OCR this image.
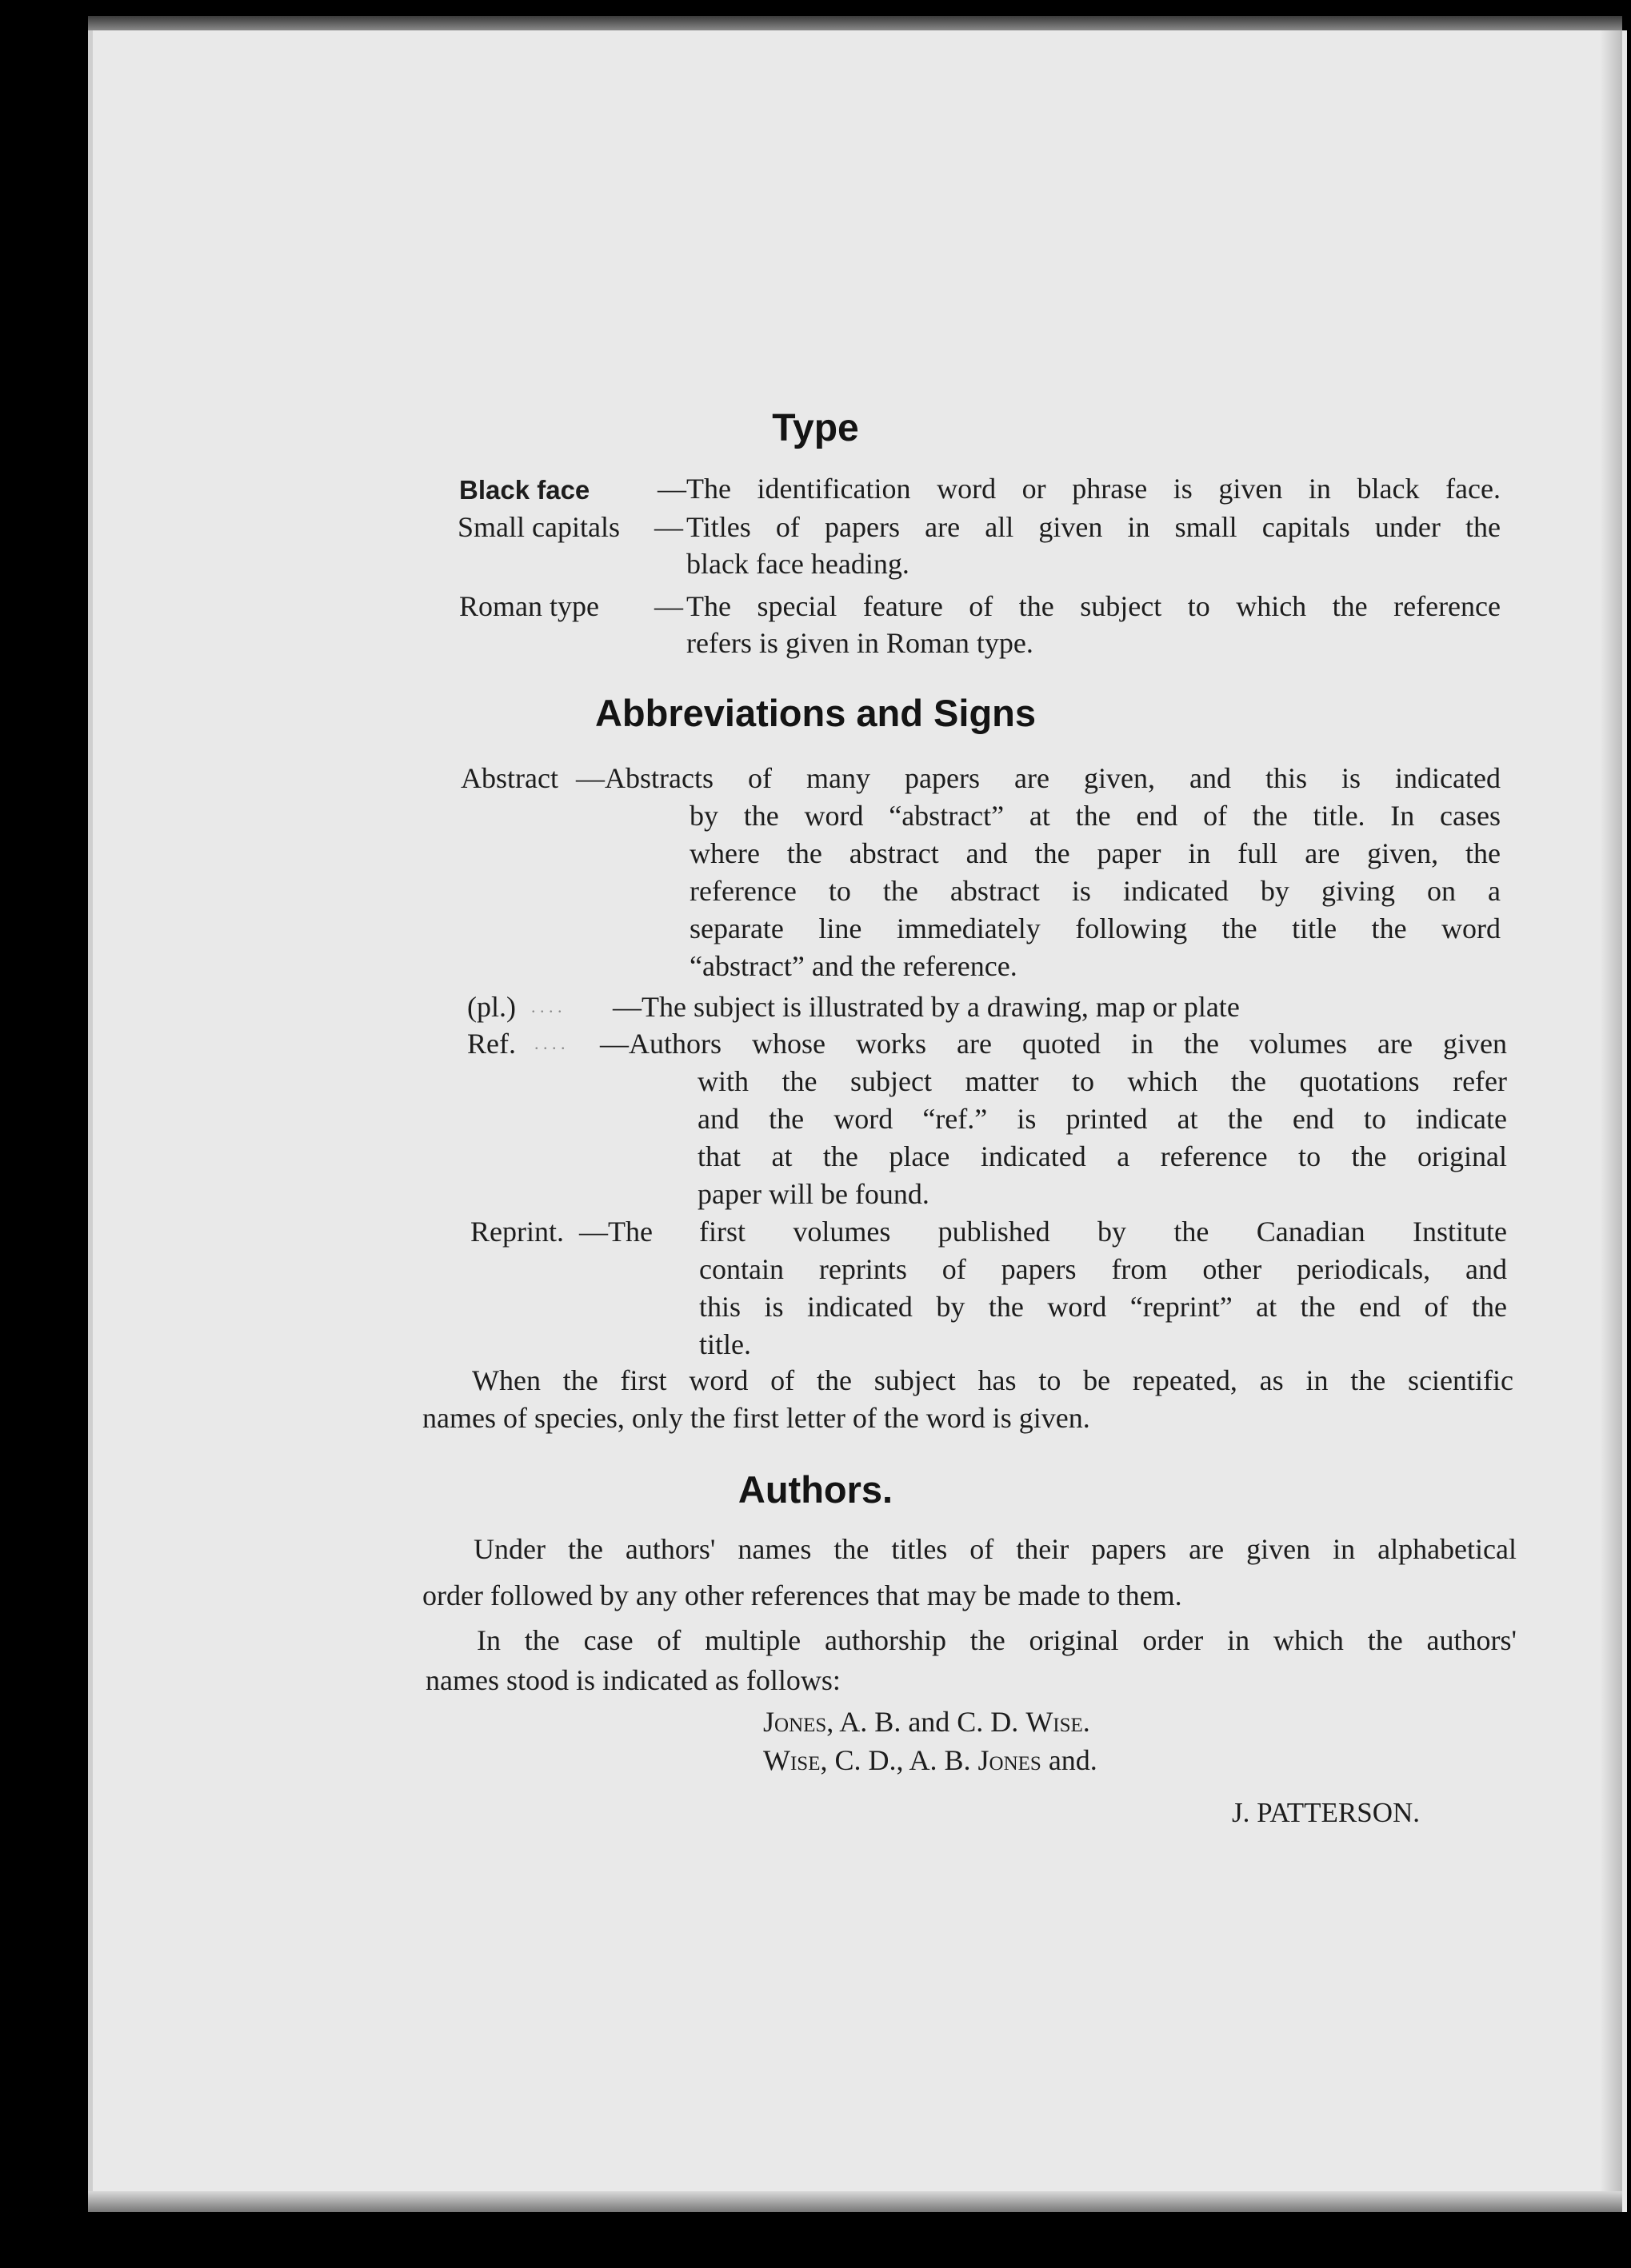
Type
Black face — The identification word or phrase is given in black face.
Small capitals — Titles of papers are all given in small capitals under the
black face heading.
Roman type — The special feature of the subject to which the reference
refers is given in Roman type.
Abbreviations and Signs
Abstract —Abstracts of many papers are given, and this is indicated
by the word “abstract” at the end of the title. In cases
where the abstract and the paper in full are given, the
reference to the abstract is indicated by giving on a
separate line immediately following the title the word
“abstract” and the reference.
(pl.) . . . . —The subject is illustrated by a drawing, map or plate
Ref. . . . . —Authors whose works are quoted in the volumes are given
with the subject matter to which the quotations refer
and the word “ref.” is printed at the end to indicate
that at the place indicated a reference to the original
paper will be found.
Reprint. —The first volumes published by the Canadian Institute
contain reprints of papers from other periodicals, and
this is indicated by the word “reprint” at the end of the
title.
When the first word of the subject has to be repeated, as in the scientific
names of species, only the first letter of the word is given.
Authors.
Under the authors' names the titles of their papers are given in alphabetical
order followed by any other references that may be made to them.
In the case of multiple authorship the original order in which the authors'
names stood is indicated as follows:
Jones, A. B. and C. D. Wise.
Wise, C. D., A. B. Jones and.
J. PATTERSON.
